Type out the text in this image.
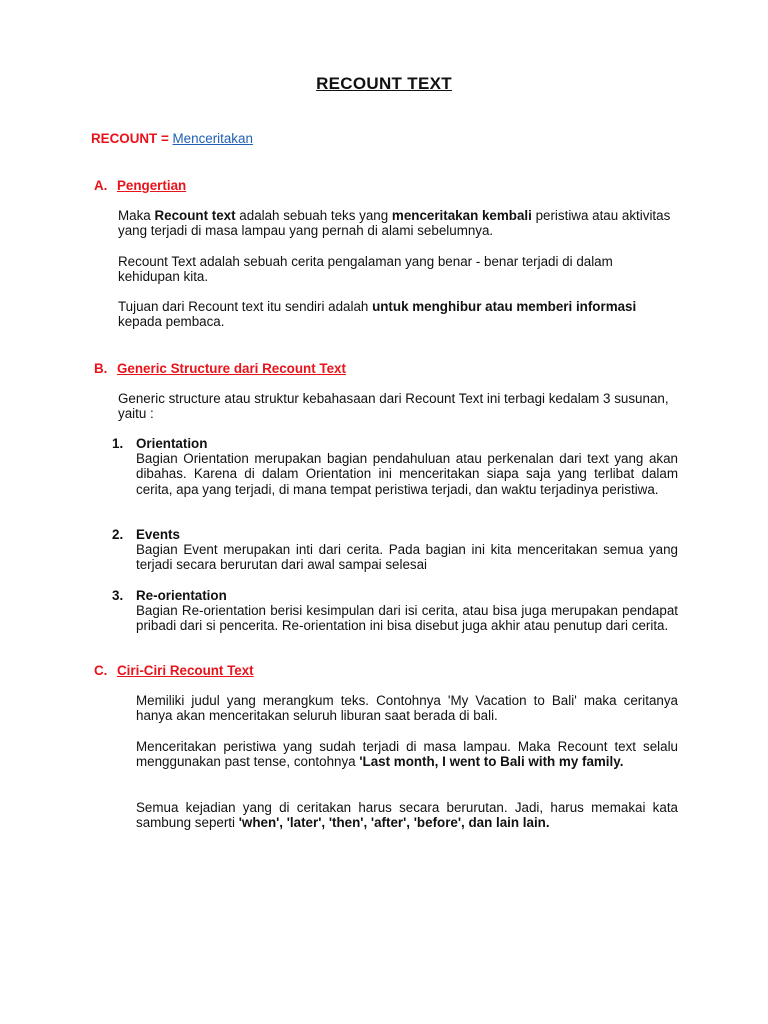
RECOUNT TEXT
RECOUNT = Menceritakan
A. Pengertian
Maka Recount text adalah sebuah teks yang menceritakan kembali peristiwa atau aktivitas yang terjadi di masa lampau yang pernah di alami sebelumnya.
Recount Text adalah sebuah cerita pengalaman yang benar - benar terjadi di dalam kehidupan kita.
Tujuan dari Recount text itu sendiri adalah untuk menghibur atau memberi informasi kepada pembaca.
B. Generic Structure dari Recount Text
Generic structure atau struktur kebahasaan dari Recount Text ini terbagi kedalam 3 susunan, yaitu :
1. Orientation
Bagian Orientation merupakan bagian pendahuluan atau perkenalan dari text yang akan dibahas. Karena di dalam Orientation ini menceritakan siapa saja yang terlibat dalam cerita, apa yang terjadi, di mana tempat peristiwa terjadi, dan waktu terjadinya peristiwa.
2. Events
Bagian Event merupakan inti dari cerita. Pada bagian ini kita menceritakan semua yang terjadi secara berurutan dari awal sampai selesai
3. Re-orientation
Bagian Re-orientation berisi kesimpulan dari isi cerita, atau bisa juga merupakan pendapat pribadi dari si pencerita. Re-orientation ini bisa disebut juga akhir atau penutup dari cerita.
C. Ciri-Ciri Recount Text
Memiliki judul yang merangkum teks. Contohnya 'My Vacation to Bali' maka ceritanya hanya akan menceritakan seluruh liburan saat berada di bali.
Menceritakan peristiwa yang sudah terjadi di masa lampau. Maka Recount text selalu menggunakan past tense, contohnya 'Last month, I went to Bali with my family.
Semua kejadian yang di ceritakan harus secara berurutan. Jadi, harus memakai kata sambung seperti 'when', 'later', 'then', 'after', 'before', dan lain lain.
